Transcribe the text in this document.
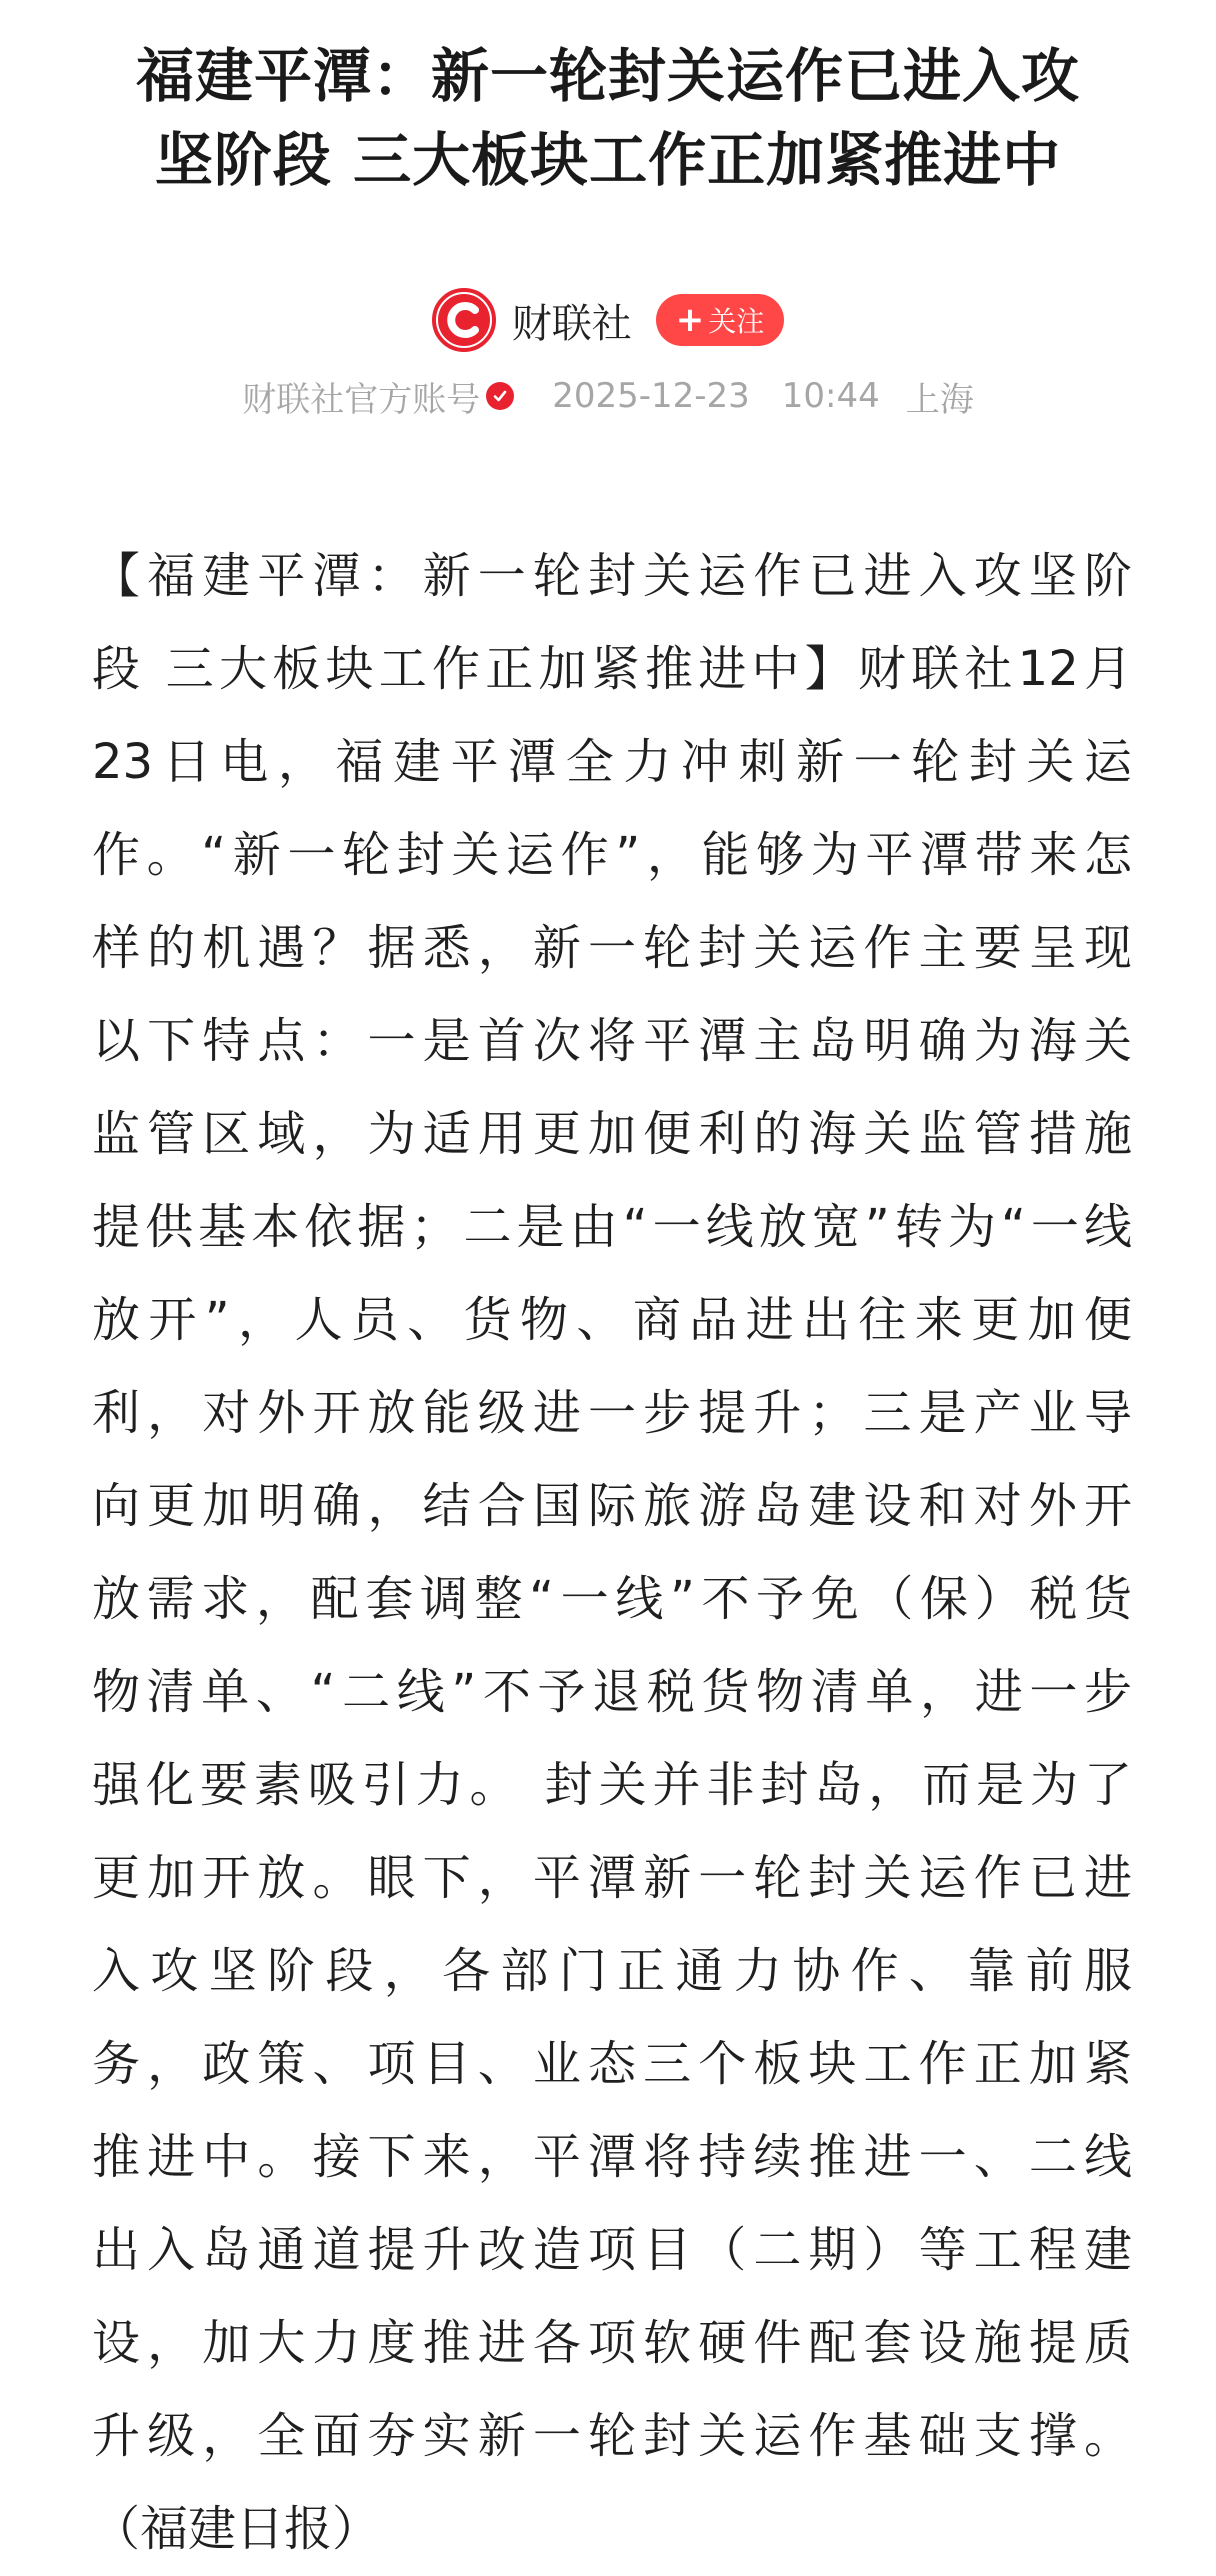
福建平潭：新一轮封关运作已进入攻
坚阶段 三大板块工作正加紧推进中
财联社 + 关注
财联社官方账号 2025-12-23 10:44 上海
【福建平潭：新一轮封关运作已进入攻坚阶
段 三大板块工作正加紧推进中】财联社12月
23日电，福建平潭全力冲刺新一轮封关运
作。“新一轮封关运作”，能够为平潭带来怎
样的机遇？据悉，新一轮封关运作主要呈现
以下特点：一是首次将平潭主岛明确为海关
监管区域，为适用更加便利的海关监管措施
提供基本依据；二是由“一线放宽”转为“一线
放开”，人员、货物、商品进出往来更加便
利，对外开放能级进一步提升；三是产业导
向更加明确，结合国际旅游岛建设和对外开
放需求，配套调整“一线”不予免（保）税货
物清单、“二线”不予退税货物清单，进一步
强化要素吸引力。 封关并非封岛，而是为了
更加开放。眼下，平潭新一轮封关运作已进
入攻坚阶段，各部门正通力协作、靠前服
务，政策、项目、业态三个板块工作正加紧
推进中。接下来，平潭将持续推进一、二线
出入岛通道提升改造项目（二期）等工程建
设，加大力度推进各项软硬件配套设施提质
升级，全面夯实新一轮封关运作基础支撑。
（福建日报）
